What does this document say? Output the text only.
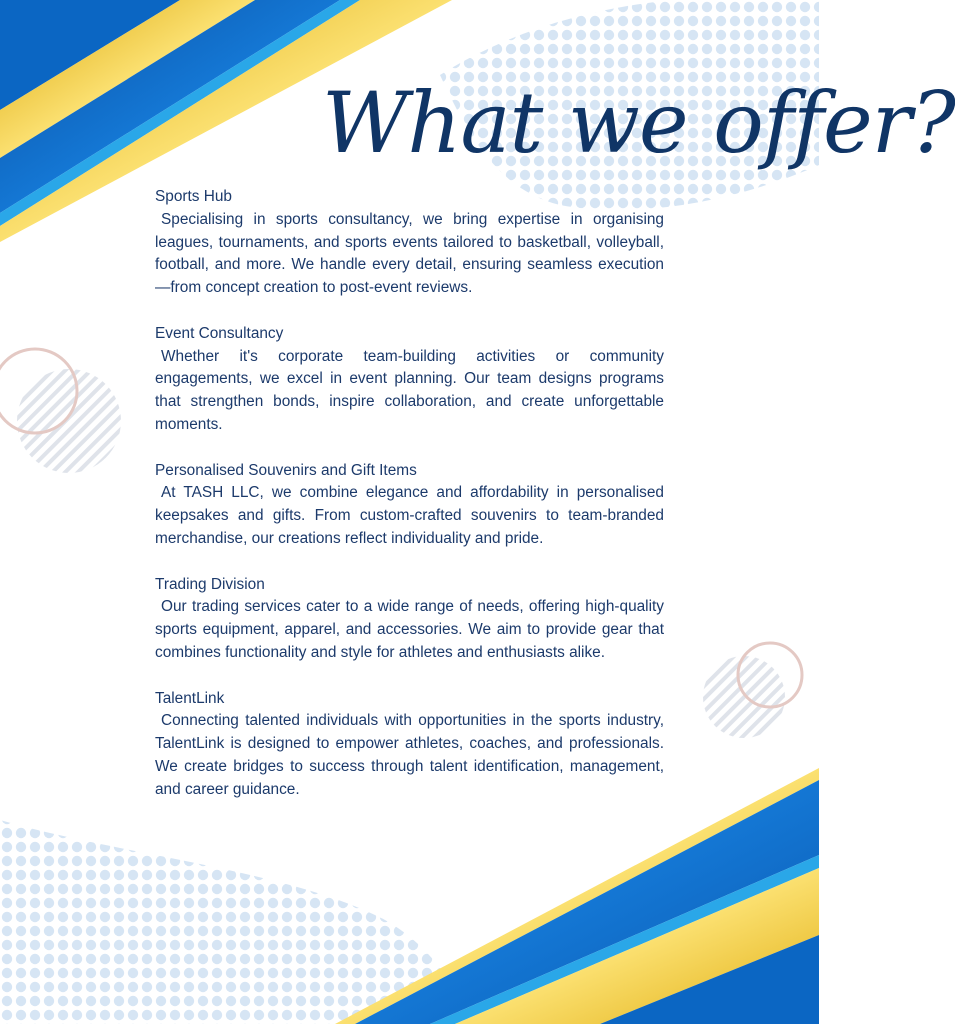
What we offer?
Sports Hub

Specialising in sports consultancy, we bring expertise in organising leagues, tournaments, and sports events tailored to basketball, volleyball, football, and more. We handle every detail, ensuring seamless execution—from concept creation to post-event reviews.

Event Consultancy

Whether it's corporate team-building activities or community engagements, we excel in event planning. Our team designs programs that strengthen bonds, inspire collaboration, and create unforgettable moments.

Personalised Souvenirs and Gift Items

At TASH LLC, we combine elegance and affordability in personalised keepsakes and gifts. From custom-crafted souvenirs to team-branded merchandise, our creations reflect individuality and pride.

Trading Division

Our trading services cater to a wide range of needs, offering high-quality sports equipment, apparel, and accessories. We aim to provide gear that combines functionality and style for athletes and enthusiasts alike.

TalentLink

Connecting talented individuals with opportunities in the sports industry, TalentLink is designed to empower athletes, coaches, and professionals. We create bridges to success through talent identification, management, and career guidance.
